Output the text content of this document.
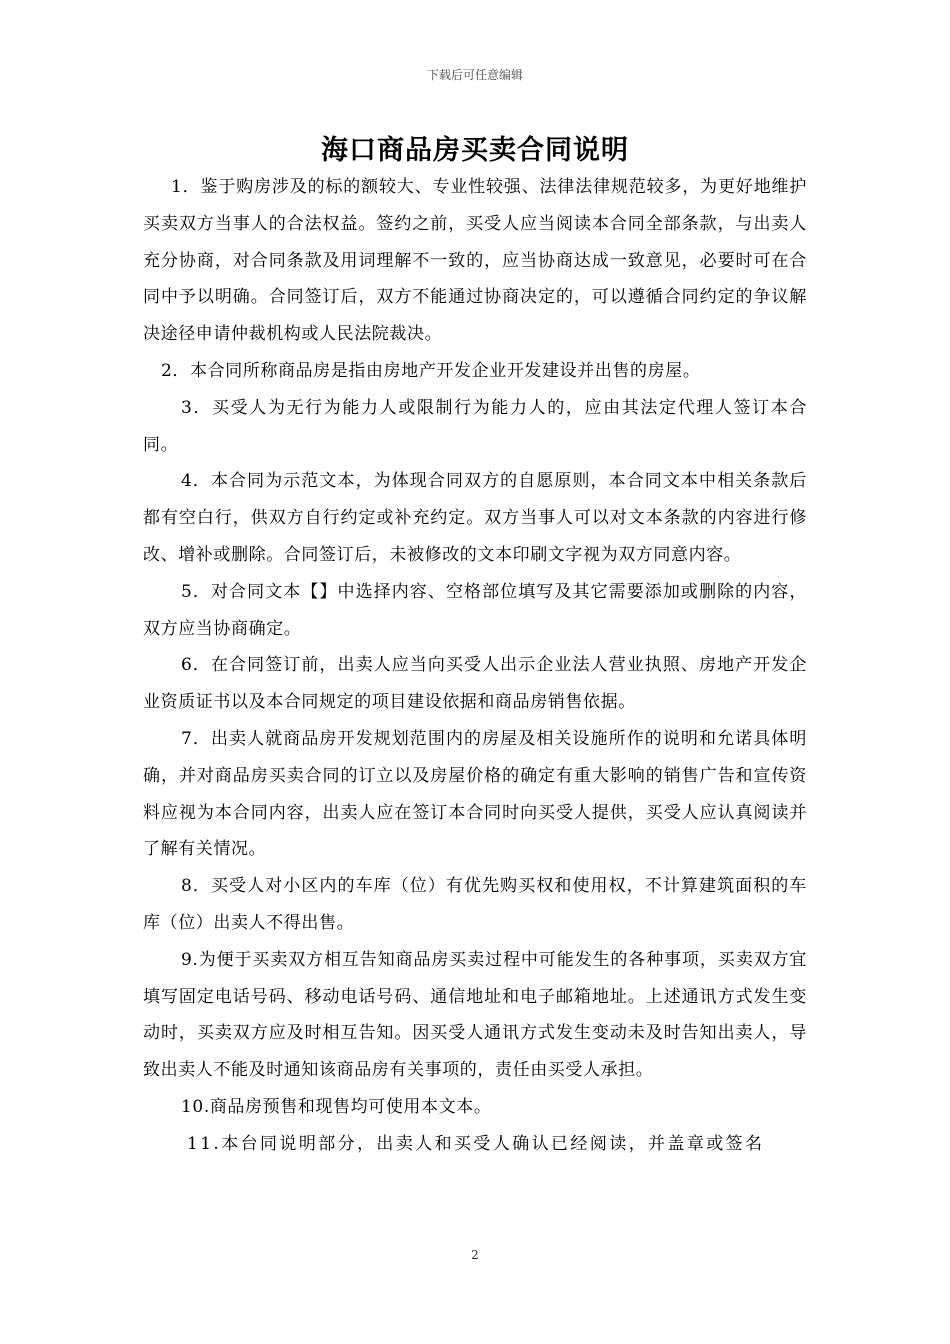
下载后可任意编辑
海口商品房买卖合同说明

1．鉴于购房涉及的标的额较大、专业性较强、法律法律规范较多，为更好地维护买卖双方当事人的合法权益。签约之前，买受人应当阅读本合同全部条款，与出卖人充分协商，对合同条款及用词理解不一致的，应当协商达成一致意见，必要时可在合同中予以明确。合同签订后，双方不能通过协商决定的，可以遵循合同约定的争议解决途径申请仲裁机构或人民法院裁决。

2．本合同所称商品房是指由房地产开发企业开发建设并出售的房屋。

3．买受人为无行为能力人或限制行为能力人的，应由其法定代理人签订本合同。

4．本合同为示范文本，为体现合同双方的自愿原则，本合同文本中相关条款后都有空白行，供双方自行约定或补充约定。双方当事人可以对文本条款的内容进行修改、增补或删除。合同签订后，未被修改的文本印刷文字视为双方同意内容。

5．对合同文本【】中选择内容、空格部位填写及其它需要添加或删除的内容，双方应当协商确定。

6．在合同签订前，出卖人应当向买受人出示企业法人营业执照、房地产开发企业资质证书以及本合同规定的项目建设依据和商品房销售依据。

7．出卖人就商品房开发规划范围内的房屋及相关设施所作的说明和允诺具体明确，并对商品房买卖合同的订立以及房屋价格的确定有重大影响的销售广告和宣传资料应视为本合同内容，出卖人应在签订本合同时向买受人提供，买受人应认真阅读并了解有关情况。

8．买受人对小区内的车库（位）有优先购买权和使用权，不计算建筑面积的车库（位）出卖人不得出售。

9.为便于买卖双方相互告知商品房买卖过程中可能发生的各种事项，买卖双方宜填写固定电话号码、移动电话号码、通信地址和电子邮箱地址。上述通讯方式发生变动时，买卖双方应及时相互告知。因买受人通讯方式发生变动未及时告知出卖人，导致出卖人不能及时通知该商品房有关事项的，责任由买受人承担。

10.商品房预售和现售均可使用本文本。

11.本台同说明部分，出卖人和买受人确认已经阅读，并盖章或签名

2
